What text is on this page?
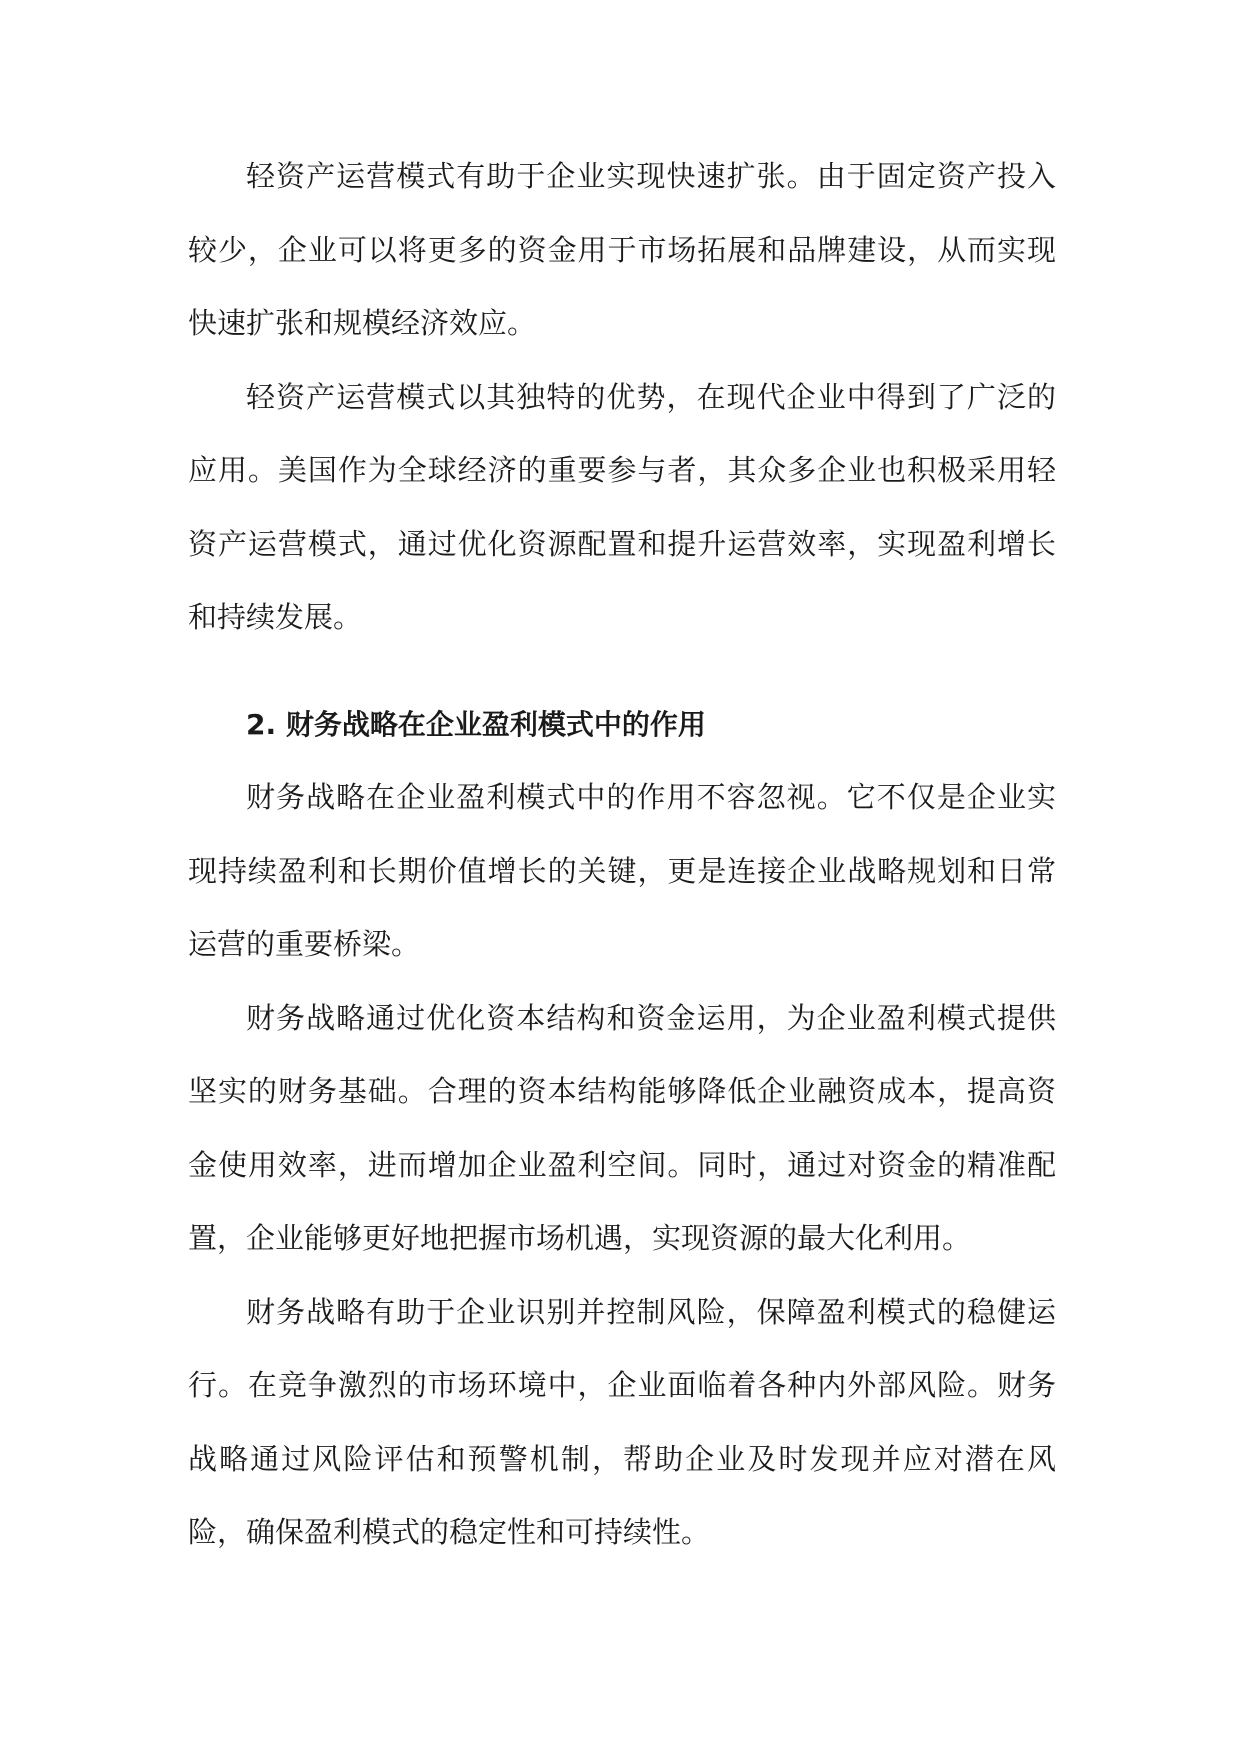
轻资产运营模式有助于企业实现快速扩张。由于固定资产投入较少，企业可以将更多的资金用于市场拓展和品牌建设，从而实现快速扩张和规模经济效应。

轻资产运营模式以其独特的优势，在现代企业中得到了广泛的应用。美国作为全球经济的重要参与者，其众多企业也积极采用轻资产运营模式，通过优化资源配置和提升运营效率，实现盈利增长和持续发展。

2. 财务战略在企业盈利模式中的作用

财务战略在企业盈利模式中的作用不容忽视。它不仅是企业实现持续盈利和长期价值增长的关键，更是连接企业战略规划和日常运营的重要桥梁。

财务战略通过优化资本结构和资金运用，为企业盈利模式提供坚实的财务基础。合理的资本结构能够降低企业融资成本，提高资金使用效率，进而增加企业盈利空间。同时，通过对资金的精准配置，企业能够更好地把握市场机遇，实现资源的最大化利用。

财务战略有助于企业识别并控制风险，保障盈利模式的稳健运行。在竞争激烈的市场环境中，企业面临着各种内外部风险。财务战略通过风险评估和预警机制，帮助企业及时发现并应对潜在风险，确保盈利模式的稳定性和可持续性。
